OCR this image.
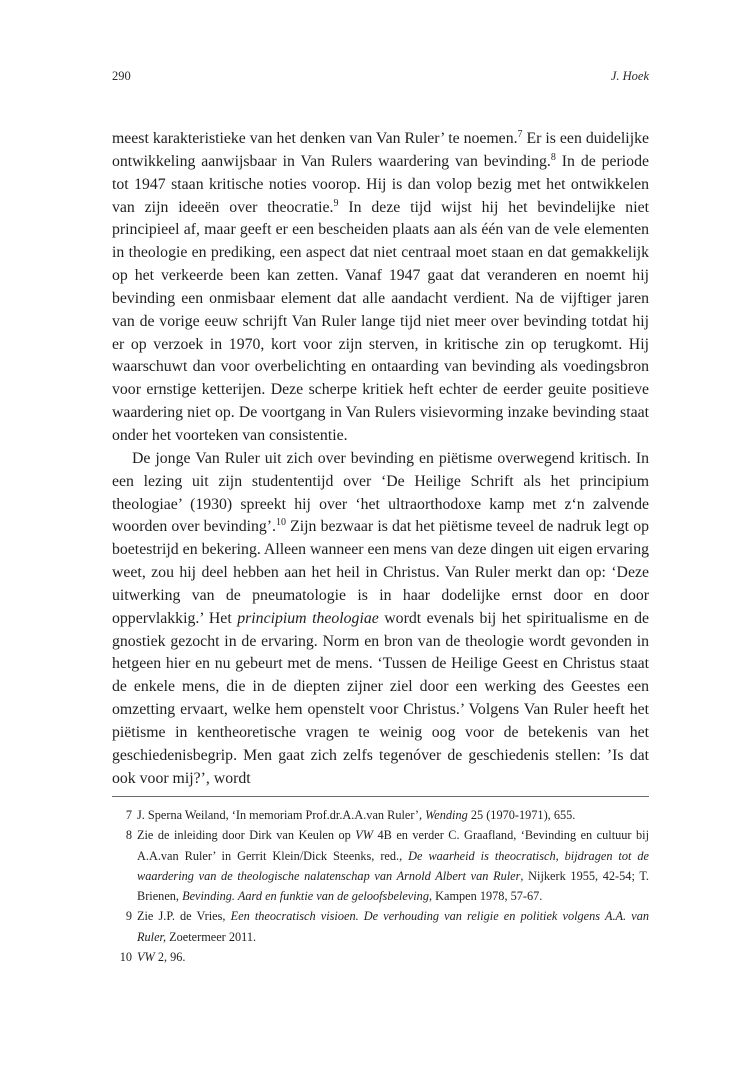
290	J. Hoek

meest karakteristieke van het denken van Van Ruler’ te noemen.$^7$ Er is een duidelijke ontwikkeling aanwijsbaar in Van Rulers waardering van bevinding.$^8$ In de periode tot 1947 staan kritische noties voorop. Hij is dan volop bezig met het ontwikkelen van zijn ideeën over theocratie.$^9$ In deze tijd wijst hij het bevindelijke niet principieel af, maar geeft er een bescheiden plaats aan als één van de vele elementen in theologie en prediking, een aspect dat niet centraal moet staan en dat gemakkelijk op het verkeerde been kan zetten. Vanaf 1947 gaat dat veranderen en noemt hij bevinding een onmisbaar element dat alle aandacht verdient. Na de vijftiger jaren van de vorige eeuw schrijft Van Ruler lange tijd niet meer over bevinding totdat hij er op verzoek in 1970, kort voor zijn sterven, in kritische zin op terugkomt. Hij waarschuwt dan voor overbelichting en ontaarding van bevinding als voedingsbron voor ernstige ketterijen. Deze scherpe kritiek heft echter de eerder geuite positieve waardering niet op. De voortgang in Van Rulers visievorming inzake bevinding staat onder het voorteken van consistentie.

De jonge Van Ruler uit zich over bevinding en piëtisme overwegend kritisch. In een lezing uit zijn studententijd over ‘De Heilige Schrift als het principium theologiae’ (1930) spreekt hij over ‘het ultraorthodoxe kamp met z‘n zalvende woorden over bevinding’.$^{10}$ Zijn bezwaar is dat het piëtisme teveel de nadruk legt op boetestrijd en bekering. Alleen wanneer een mens van deze dingen uit eigen ervaring weet, zou hij deel hebben aan het heil in Christus. Van Ruler merkt dan op: ‘Deze uitwerking van de pneumatologie is in haar dodelijke ernst door en door oppervlakkig.’ Het principium theologiae wordt evenals bij het spiritualisme en de gnostiek gezocht in de ervaring. Norm en bron van de theologie wordt gevonden in hetgeen hier en nu gebeurt met de mens. ‘Tussen de Heilige Geest en Christus staat de enkele mens, die in de diepten zijner ziel door een werking des Geestes een omzetting ervaart, welke hem openstelt voor Christus.’ Volgens Van Ruler heeft het piëtisme in kentheoretische vragen te weinig oog voor de betekenis van het geschiedenisbegrip. Men gaat zich zelfs tegenóver de geschiedenis stellen: ’Is dat ook voor mij?’, wordt

7 J. Sperna Weiland, ‘In memoriam Prof.dr.A.A.van Ruler’, Wending 25 (1970-1971), 655.
8 Zie de inleiding door Dirk van Keulen op VW 4B en verder C. Graafland, ‘Bevinding en cultuur bij A.A.van Ruler’ in Gerrit Klein/Dick Steenks, red., De waarheid is theocratisch, bijdragen tot de waardering van de theologische nalatenschap van Arnold Albert van Ruler, Nijkerk 1955, 42-54; T. Brienen, Bevinding. Aard en funktie van de geloofsbeleving, Kampen 1978, 57-67.
9 Zie J.P. de Vries, Een theocratisch visioen. De verhouding van religie en politiek volgens A.A. van Ruler, Zoetermeer 2011.
10 VW 2, 96.
